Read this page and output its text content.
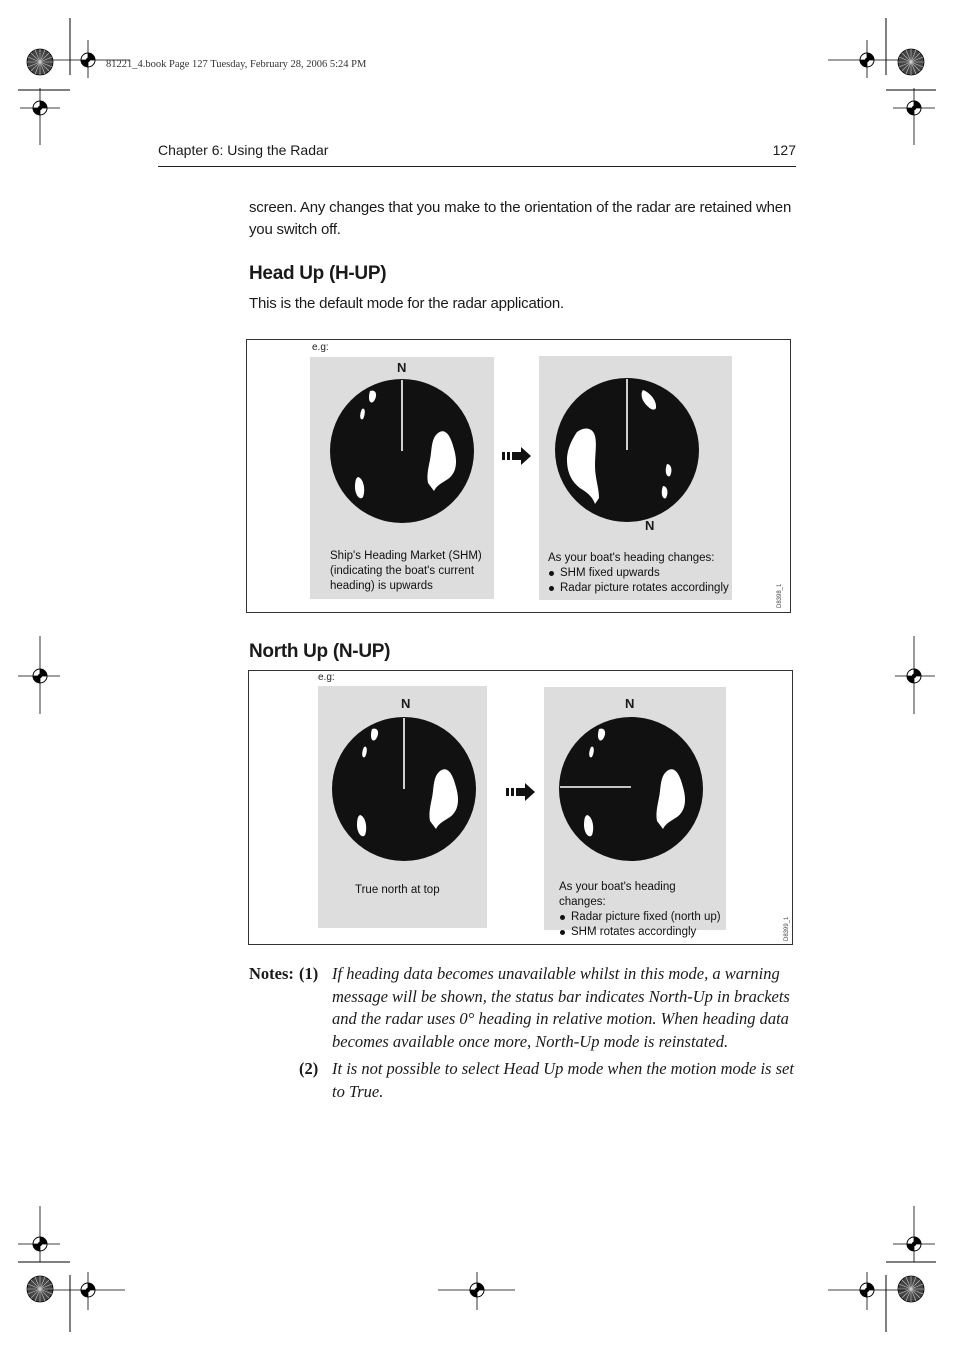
81221_4.book Page 127 Tuesday, February 28, 2006 5:24 PM
Chapter 6: Using the Radar	127
screen. Any changes that you make to the orientation of the radar are retained when you switch off.
Head Up (H-UP)
This is the default mode for the radar application.
e.g:
N
Ship's Heading Market (SHM) (indicating the boat's current heading) is upwards
N
As your boat's heading changes:
SHM fixed upwards
Radar picture rotates accordingly	D8398_1
North Up (N-UP)
e.g:
N
True north at top
N
As your boat's heading changes:
Radar picture fixed (north up)
SHM rotates accordingly	D8399_1
Notes: (1) If heading data becomes unavailable whilst in this mode, a warning message will be shown, the status bar indicates North-Up in brackets and the radar uses 0° heading in relative motion. When heading data becomes available once more, North-Up mode is reinstated.
(2) It is not possible to select Head Up mode when the motion mode is set to True.
